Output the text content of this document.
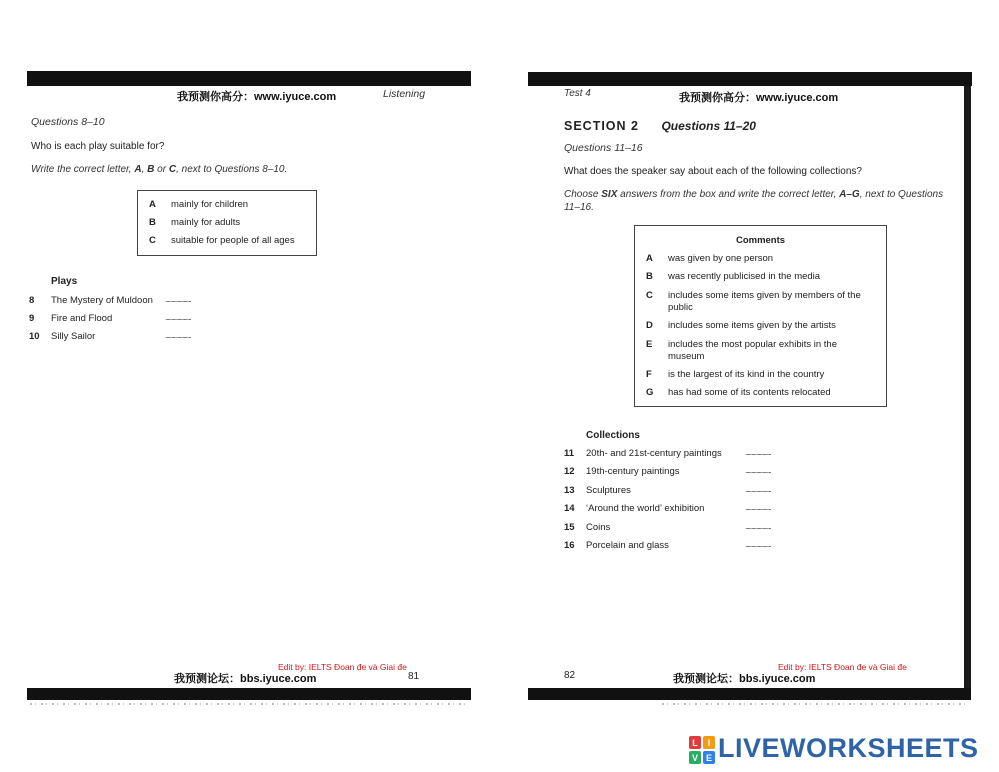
我预测你高分：www.iyuce.com	Listening
Questions 8–10
Who is each play suitable for?
Write the correct letter, A, B or C, next to Questions 8–10.
A mainly for children
B mainly for adults
C suitable for people of all ages
Plays
8 The Mystery of Muldoon .....................
9 Fire and Flood	.....................
10 Silly Sailor	.....................
Edit by: IELTS Đoan đe và Giai đe
我预测论坛：bbs.iyuce.com	81
Test 4	我预测你高分：www.iyuce.com
SECTION 2 Questions 11–20
Questions 11–16
What does the speaker say about each of the following collections?
Choose SIX answers from the box and write the correct letter, A–G, next to Questions
11–16.
Comments
A was given by one person
B was recently publicised in the media
C includes some items given by members of the
public
D includes some items given by the artists
E includes the most popular exhibits in the
museum
F is the largest of its kind in the country
G has had some of its contents relocated
Collections
11 20th- and 21st-century paintings	.....................
12 19th-century paintings	.....................
13 Sculptures	.....................
14 ‘Around the world’ exhibition	.....................
15 Coins	.....................
16 Porcelain and glass	.....................
Edit by: IELTS Đoan đe và Giai đe
82	我预测论坛：bbs.iyuce.com
L I
V E LIVEWORKSHEETS
